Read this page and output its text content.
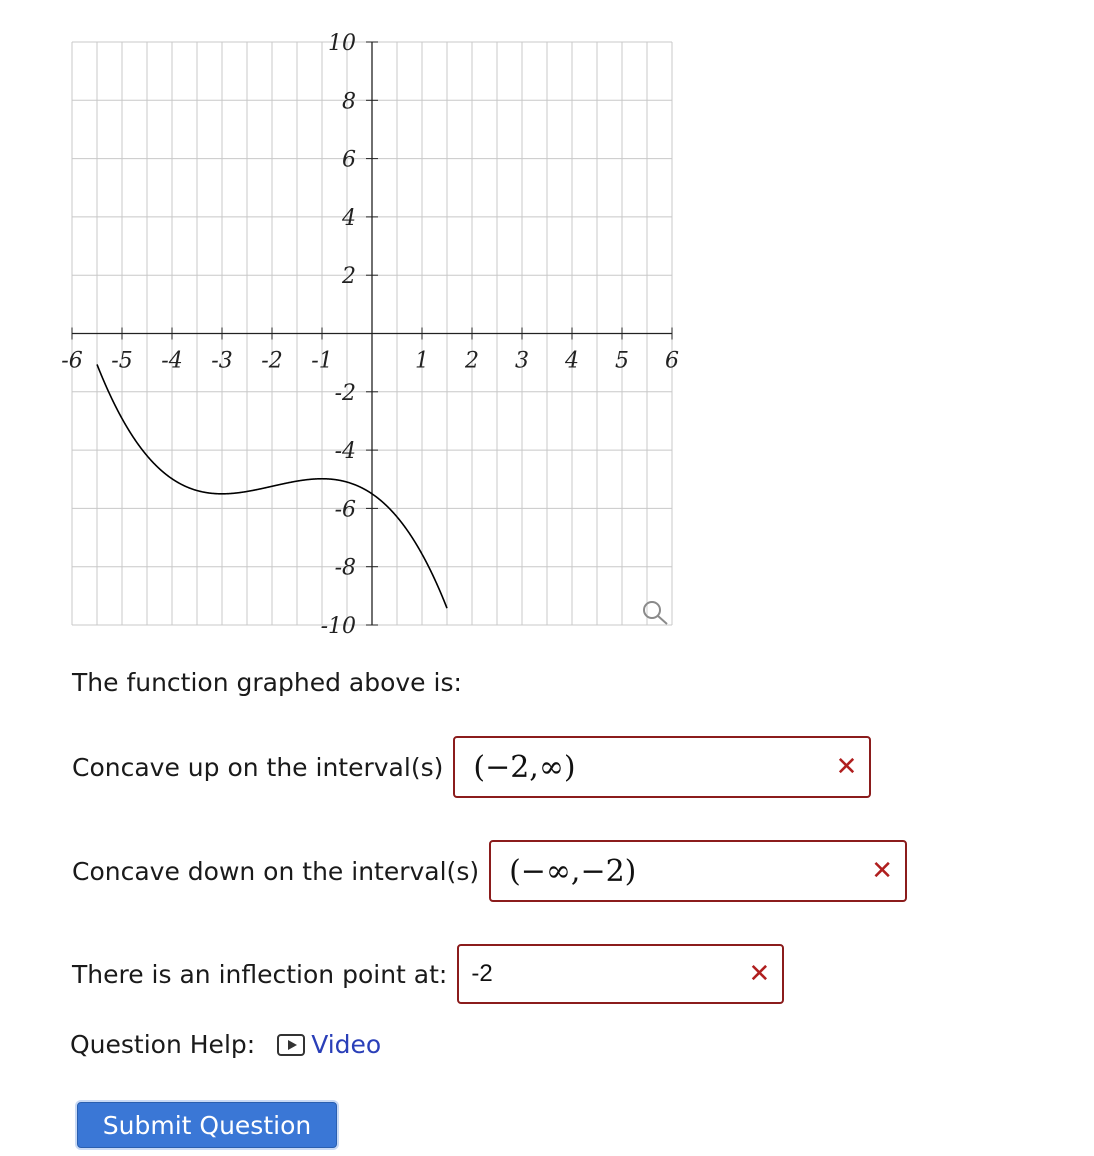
-6 -5 -4 -3 -2 -1	1 2 3 4 5 6
10
8
6
4
2
-2
-4
-6
-8
-10
The function graphed above is:
Concave up on the interval(s) (−2,∞)	✕
Concave down on the interval(s) (−∞,−2)	✕
There is an inflection point at: -2	✕
Question Help: Video
Submit Question
